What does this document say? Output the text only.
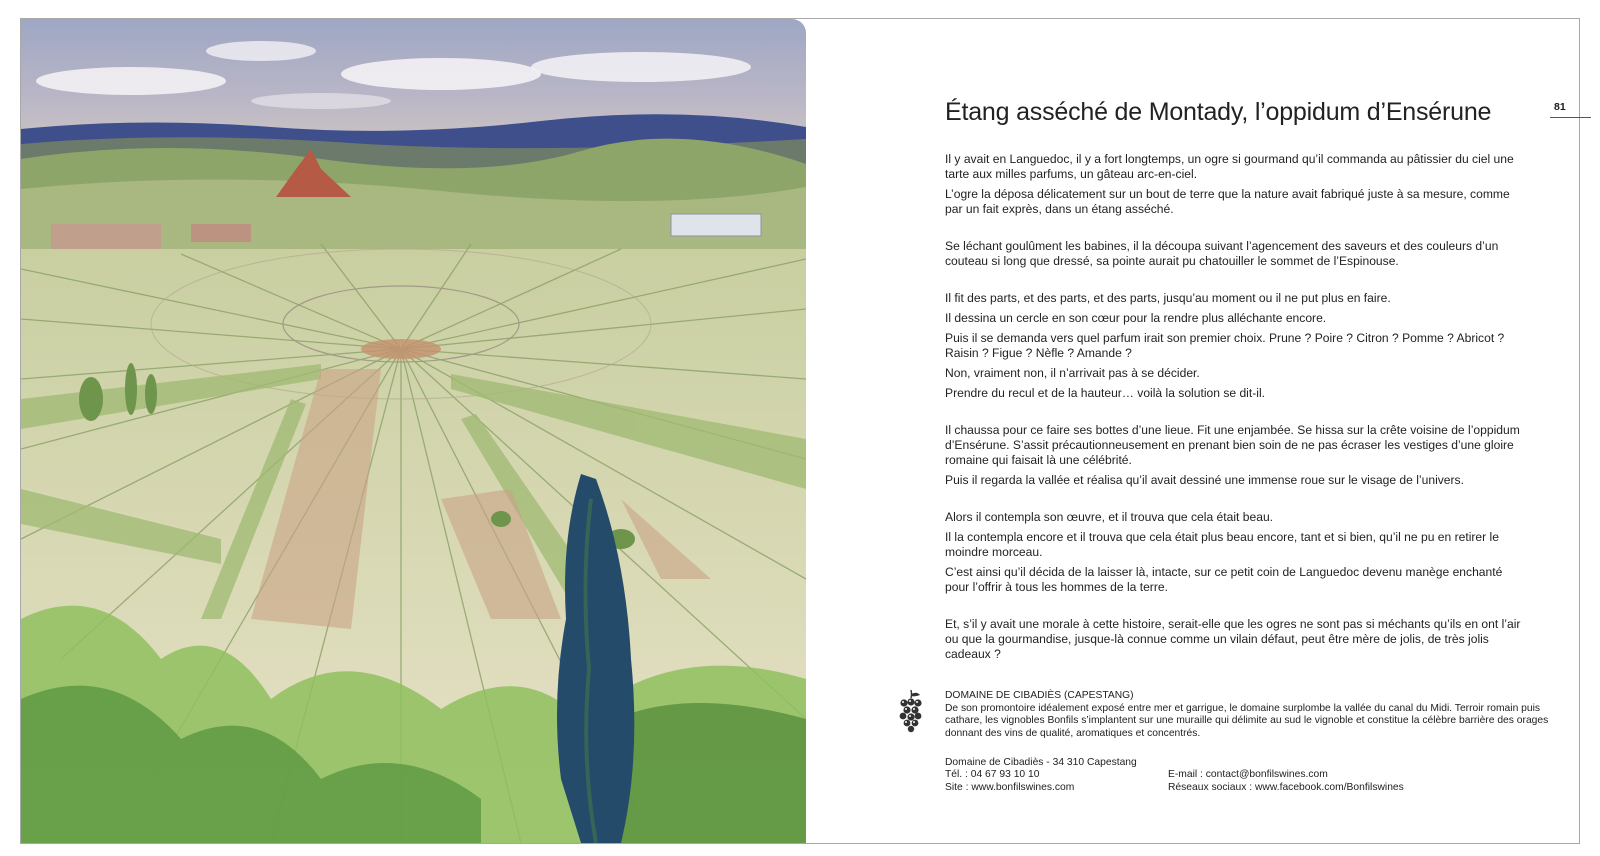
81
Étang asséché de Montady, l’oppidum d’Ensérune

Il y avait en Languedoc, il y a fort longtemps, un ogre si gourmand qu’il commanda au pâtissier du ciel une tarte aux milles parfums, un gâteau arc-en-ciel.

L’ogre la déposa délicatement sur un bout de terre que la nature avait fabriqué juste à sa mesure, comme par un fait exprès, dans un étang asséché.

Se léchant goulûment les babines, il la découpa suivant l’agencement des saveurs et des couleurs d’un couteau si long que dressé, sa pointe aurait pu chatouiller le sommet de l’Espinouse.

Il fit des parts, et des parts, et des parts, jusqu’au moment ou il ne put plus en faire.

Il dessina un cercle en son cœur pour la rendre plus alléchante encore.

Puis il se demanda vers quel parfum irait son premier choix. Prune ? Poire ? Citron ? Pomme ? Abricot ? Raisin ? Figue ? Nèfle ? Amande ?

Non, vraiment non, il n’arrivait pas à se décider.

Prendre du recul et de la hauteur… voilà la solution se dit-il.

Il chaussa pour ce faire ses bottes d’une lieue. Fit une enjambée. Se hissa sur la crête voisine de l’oppidum d’Ensérune. S’assit précautionneusement en prenant bien soin de ne pas écraser les vestiges d’une gloire romaine qui faisait là une célébrité.

Puis il regarda la vallée et réalisa qu’il avait dessiné une immense roue sur le visage de l’univers.

Alors il contempla son œuvre, et il trouva que cela était beau.

Il la contempla encore et il trouva que cela était plus beau encore, tant et si bien, qu’il ne pu en retirer le moindre morceau.

C’est ainsi qu’il décida de la laisser là, intacte, sur ce petit coin de Languedoc devenu manège enchanté pour l’offrir à tous les hommes de la terre.

Et, s’il y avait une morale à cette histoire, serait-elle que les ogres ne sont pas si méchants qu’ils en ont l’air ou que la gourmandise, jusque-là connue comme un vilain défaut, peut être mère de jolis, de très jolis cadeaux ?

DOMAINE DE CIBADIÈS (CAPESTANG)
De son promontoire idéalement exposé entre mer et garrigue, le domaine surplombe la vallée du canal du Midi. Terroir romain puis cathare, les vignobles Bonfils s’implantent sur une muraille qui délimite au sud le vignoble et constitue la célèbre barrière des orages donnant des vins de qualité, aromatiques et concentrés.
Domaine de Cibadiès - 34 310 Capestang
Tél. : 04 67 93 10 10	E-mail : contact@bonfilswines.com
Site : www.bonfilswines.com	Réseaux sociaux : www.facebook.com/Bonfilswines
